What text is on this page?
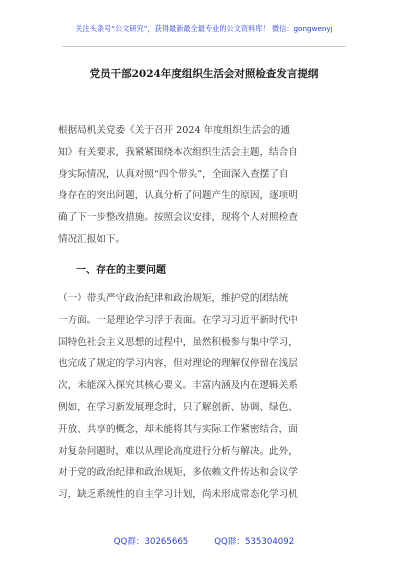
关注头条号“公文研究”，获得最新最全最专业的公文资料库！ 微信：gongwenyj
党员干部2024年度组织生活会对照检查发言提纲
根据局机关党委《关于召开 2024 年度组织生活会的通
知》有关要求，我紧紧围绕本次组织生活会主题，结合自
身实际情况，认真对照“四个带头”，全面深入查摆了自
身存在的突出问题，认真分析了问题产生的原因，逐项明
确了下一步整改措施。按照会议安排，现将个人对照检查
情况汇报如下。
一、存在的主要问题
（一）带头严守政治纪律和政治规矩，维护党的团结统
一方面。一是理论学习浮于表面。在学习习近平新时代中
国特色社会主义思想的过程中，虽然积极参与集中学习，
也完成了规定的学习内容，但对理论的理解仅停留在浅层
次，未能深入探究其核心要义。丰富内涵及内在逻辑关系
例如，在学习新发展理念时，只了解创新、协调、绿色、
开放、共享的概念，却未能将其与实际工作紧密结合，面
对复杂问题时，难以从理论高度进行分析与解决。此外，
对于党的政治纪律和政治规矩，多依赖文件传达和会议学
习，缺乏系统性的自主学习计划，尚未形成常态化学习机
QQ群：30265665	QQ群：535304092
